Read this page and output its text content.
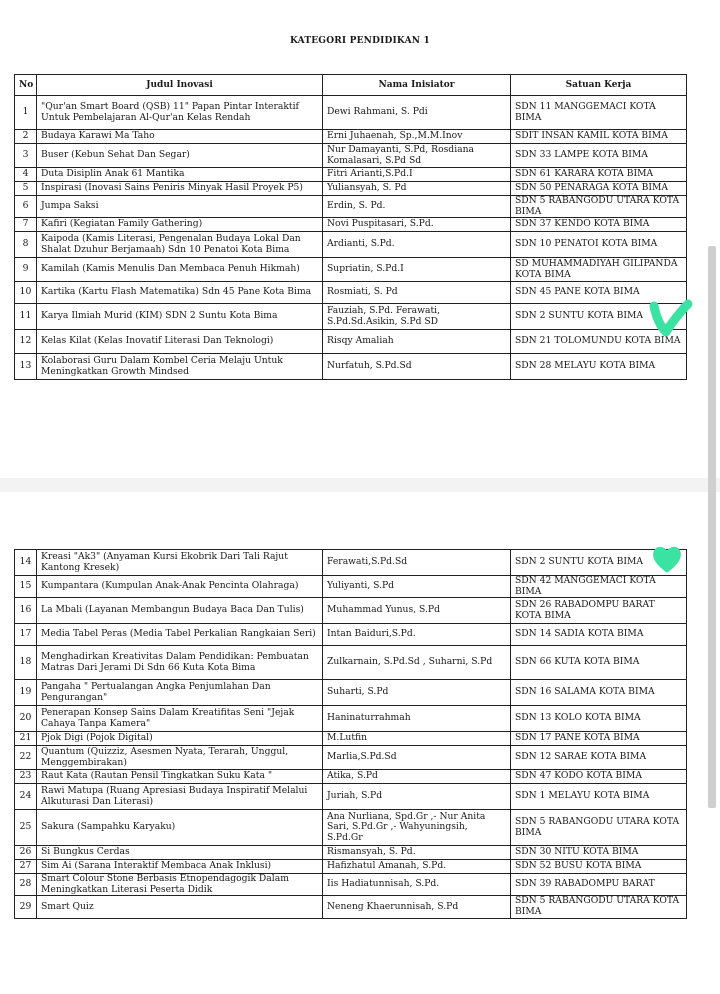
KATEGORI PENDIDIKAN 1
No	Judul Inovasi	Nama Inisiator	Satuan Kerja
1	"Qur'an Smart Board (QSB) 11" Papan Pintar Interaktif Untuk Pembelajaran Al-Qur'an Kelas Rendah	Dewi Rahmani, S. Pdi	SDN 11 MANGGEMACI KOTA BIMA
2	Budaya Karawi Ma Taho	Erni Juhaenah, Sp.,M.M.Inov	SDIT INSAN KAMIL KOTA BIMA
3	Buser (Kebun Sehat Dan Segar)	Nur Damayanti, S.Pd, Rosdiana Komalasari, S.Pd Sd	SDN 33 LAMPE KOTA BIMA
4	Duta Disiplin Anak 61 Mantika	Fitri Arianti,S.Pd.I	SDN 61 KARARA KOTA BIMA
5	Inspirasi (Inovasi Sains Peniris Minyak Hasil Proyek P5)	Yuliansyah, S. Pd	SDN 50 PENARAGA KOTA BIMA
6	Jumpa Saksi	Erdin, S. Pd.	SDN 5 RABANGODU UTARA KOTA BIMA
7	Kafiri (Kegiatan Family Gathering)	Novi Puspitasari, S.Pd.	SDN 37 KENDO KOTA BIMA
8	Kaipoda (Kamis Literasi, Pengenalan Budaya Lokal Dan Shalat Dzuhur Berjamaah) Sdn 10 Penatoi Kota Bima	Ardianti, S.Pd.	SDN 10 PENATOI KOTA BIMA
9	Kamilah (Kamis Menulis Dan Membaca Penuh Hikmah)	Supriatin, S.Pd.I	SD MUHAMMADIYAH GILIPANDA KOTA BIMA
10	Kartika (Kartu Flash Matematika) Sdn 45 Pane Kota Bima	Rosmiati, S. Pd	SDN 45 PANE KOTA BIMA
11	Karya Ilmiah Murid (KIM) SDN 2 Suntu Kota Bima	Fauziah, S.Pd. Ferawati, S.Pd.Sd.Asikin, S.Pd SD	SDN 2 SUNTU KOTA BIMA
12	Kelas Kilat (Kelas Inovatif Literasi Dan Teknologi)	Risqy Amaliah	SDN 21 TOLOMUNDU KOTA BIMA
13	Kolaborasi Guru Dalam Kombel Ceria Melaju Untuk Meningkatkan Growth Mindsed	Nurfatuh, S.Pd.Sd	SDN 28 MELAYU KOTA BIMA
14	Kreasi "Ak3" (Anyaman Kursi Ekobrik Dari Tali Rajut Kantong Kresek)	Ferawati,S.Pd.Sd	SDN 2 SUNTU KOTA BIMA
15	Kumpantara (Kumpulan Anak-Anak Pencinta Olahraga)	Yuliyanti, S.Pd	SDN 42 MANGGEMACI KOTA BIMA
16	La Mbali (Layanan Membangun Budaya Baca Dan Tulis)	Muhammad Yunus, S.Pd	SDN 26 RABADOMPU BARAT KOTA BIMA
17	Media Tabel Peras (Media Tabel Perkalian Rangkaian Seri)	Intan Baiduri,S.Pd.	SDN 14 SADIA KOTA BIMA
18	Menghadirkan Kreativitas Dalam Pendidikan: Pembuatan Matras Dari Jerami Di Sdn 66 Kuta Kota Bima	Zulkarnain, S.Pd.Sd , Suharni, S.Pd	SDN 66 KUTA KOTA BIMA
19	Pangaha " Pertualangan Angka Penjumlahan Dan Pengurangan"	Suharti, S.Pd	SDN 16 SALAMA KOTA BIMA
20	Penerapan Konsep Sains Dalam Kreatifitas Seni "Jejak Cahaya Tanpa Kamera"	Haninaturrahmah	SDN 13 KOLO KOTA BIMA
21	Pjok Digi (Pojok Digital)	M.Lutfin	SDN 17 PANE KOTA BIMA
22	Quantum (Quizziz, Asesmen Nyata, Terarah, Unggul, Menggembirakan)	Marlia,S.Pd.Sd	SDN 12 SARAE KOTA BIMA
23	Raut Kata (Rautan Pensil Tingkatkan Suku Kata "	Atika, S.Pd	SDN 47 KODO KOTA BIMA
24	Rawi Matupa (Ruang Apresiasi Budaya Inspiratif Melalui Alkuturasi Dan Literasi)	Juriah, S.Pd	SDN 1 MELAYU KOTA BIMA
25	Sakura (Sampahku Karyaku)	Ana Nurliana, Spd.Gr ,- Nur Anita Sari, S.Pd.Gr ,- Wahyuningsih, S.Pd.Gr	SDN 5 RABANGODU UTARA KOTA BIMA
26	Si Bungkus Cerdas	Rismansyah, S. Pd.	SDN 30 NITU KOTA BIMA
27	Sim Ai (Sarana Interaktif Membaca Anak Inklusi)	Hafizhatul Amanah, S.Pd.	SDN 52 BUSU KOTA BIMA
28	Smart Colour Stone Berbasis Etnopendagogik Dalam Meningkatkan Literasi Peserta Didik	Iis Hadiatunnisah, S.Pd.	SDN 39 RABADOMPU BARAT
29	Smart Quiz	Neneng Khaerunnisah, S.Pd	SDN 5 RABANGODU UTARA KOTA BIMA
